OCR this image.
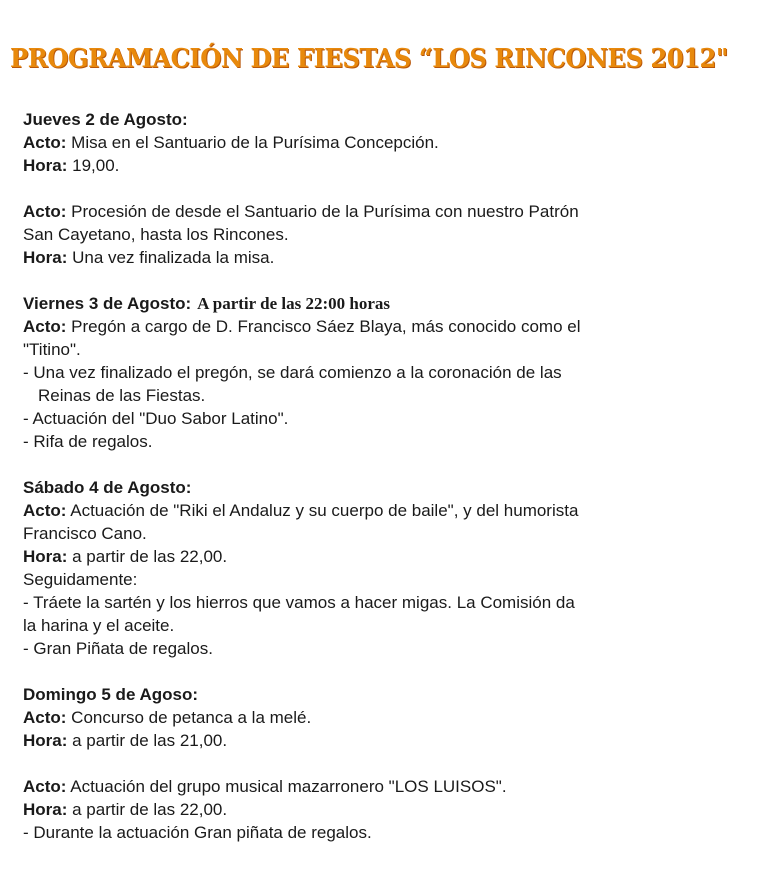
PROGRAMACIÓN DE FIESTAS “LOS RINCONES 2012"

Jueves 2 de Agosto:

Acto: Misa en el Santuario de la Purísima Concepción.

Hora: 19,00.

Acto: Procesión de desde el Santuario de la Purísima con nuestro Patrón

San Cayetano, hasta los Rincones.

Hora: Una vez finalizada la misa.

Viernes 3 de Agosto: A partir de las 22:00 horas

Acto: Pregón a cargo de D. Francisco Sáez Blaya, más conocido como el

"Titino".

- Una vez finalizado el pregón, se dará comienzo a la coronación de las

Reinas de las Fiestas.

- Actuación del "Duo Sabor Latino".

- Rifa de regalos.

Sábado 4 de Agosto:

Acto: Actuación de "Riki el Andaluz y su cuerpo de baile", y del humorista

Francisco Cano.

Hora: a partir de las 22,00.

Seguidamente:

- Tráete la sartén y los hierros que vamos a hacer migas. La Comisión da

la harina y el aceite.

- Gran Piñata de regalos.

Domingo 5 de Agoso:

Acto: Concurso de petanca a la melé.

Hora: a partir de las 21,00.

Acto: Actuación del grupo musical mazarronero "LOS LUISOS".

Hora: a partir de las 22,00.

- Durante la actuación Gran piñata de regalos.
